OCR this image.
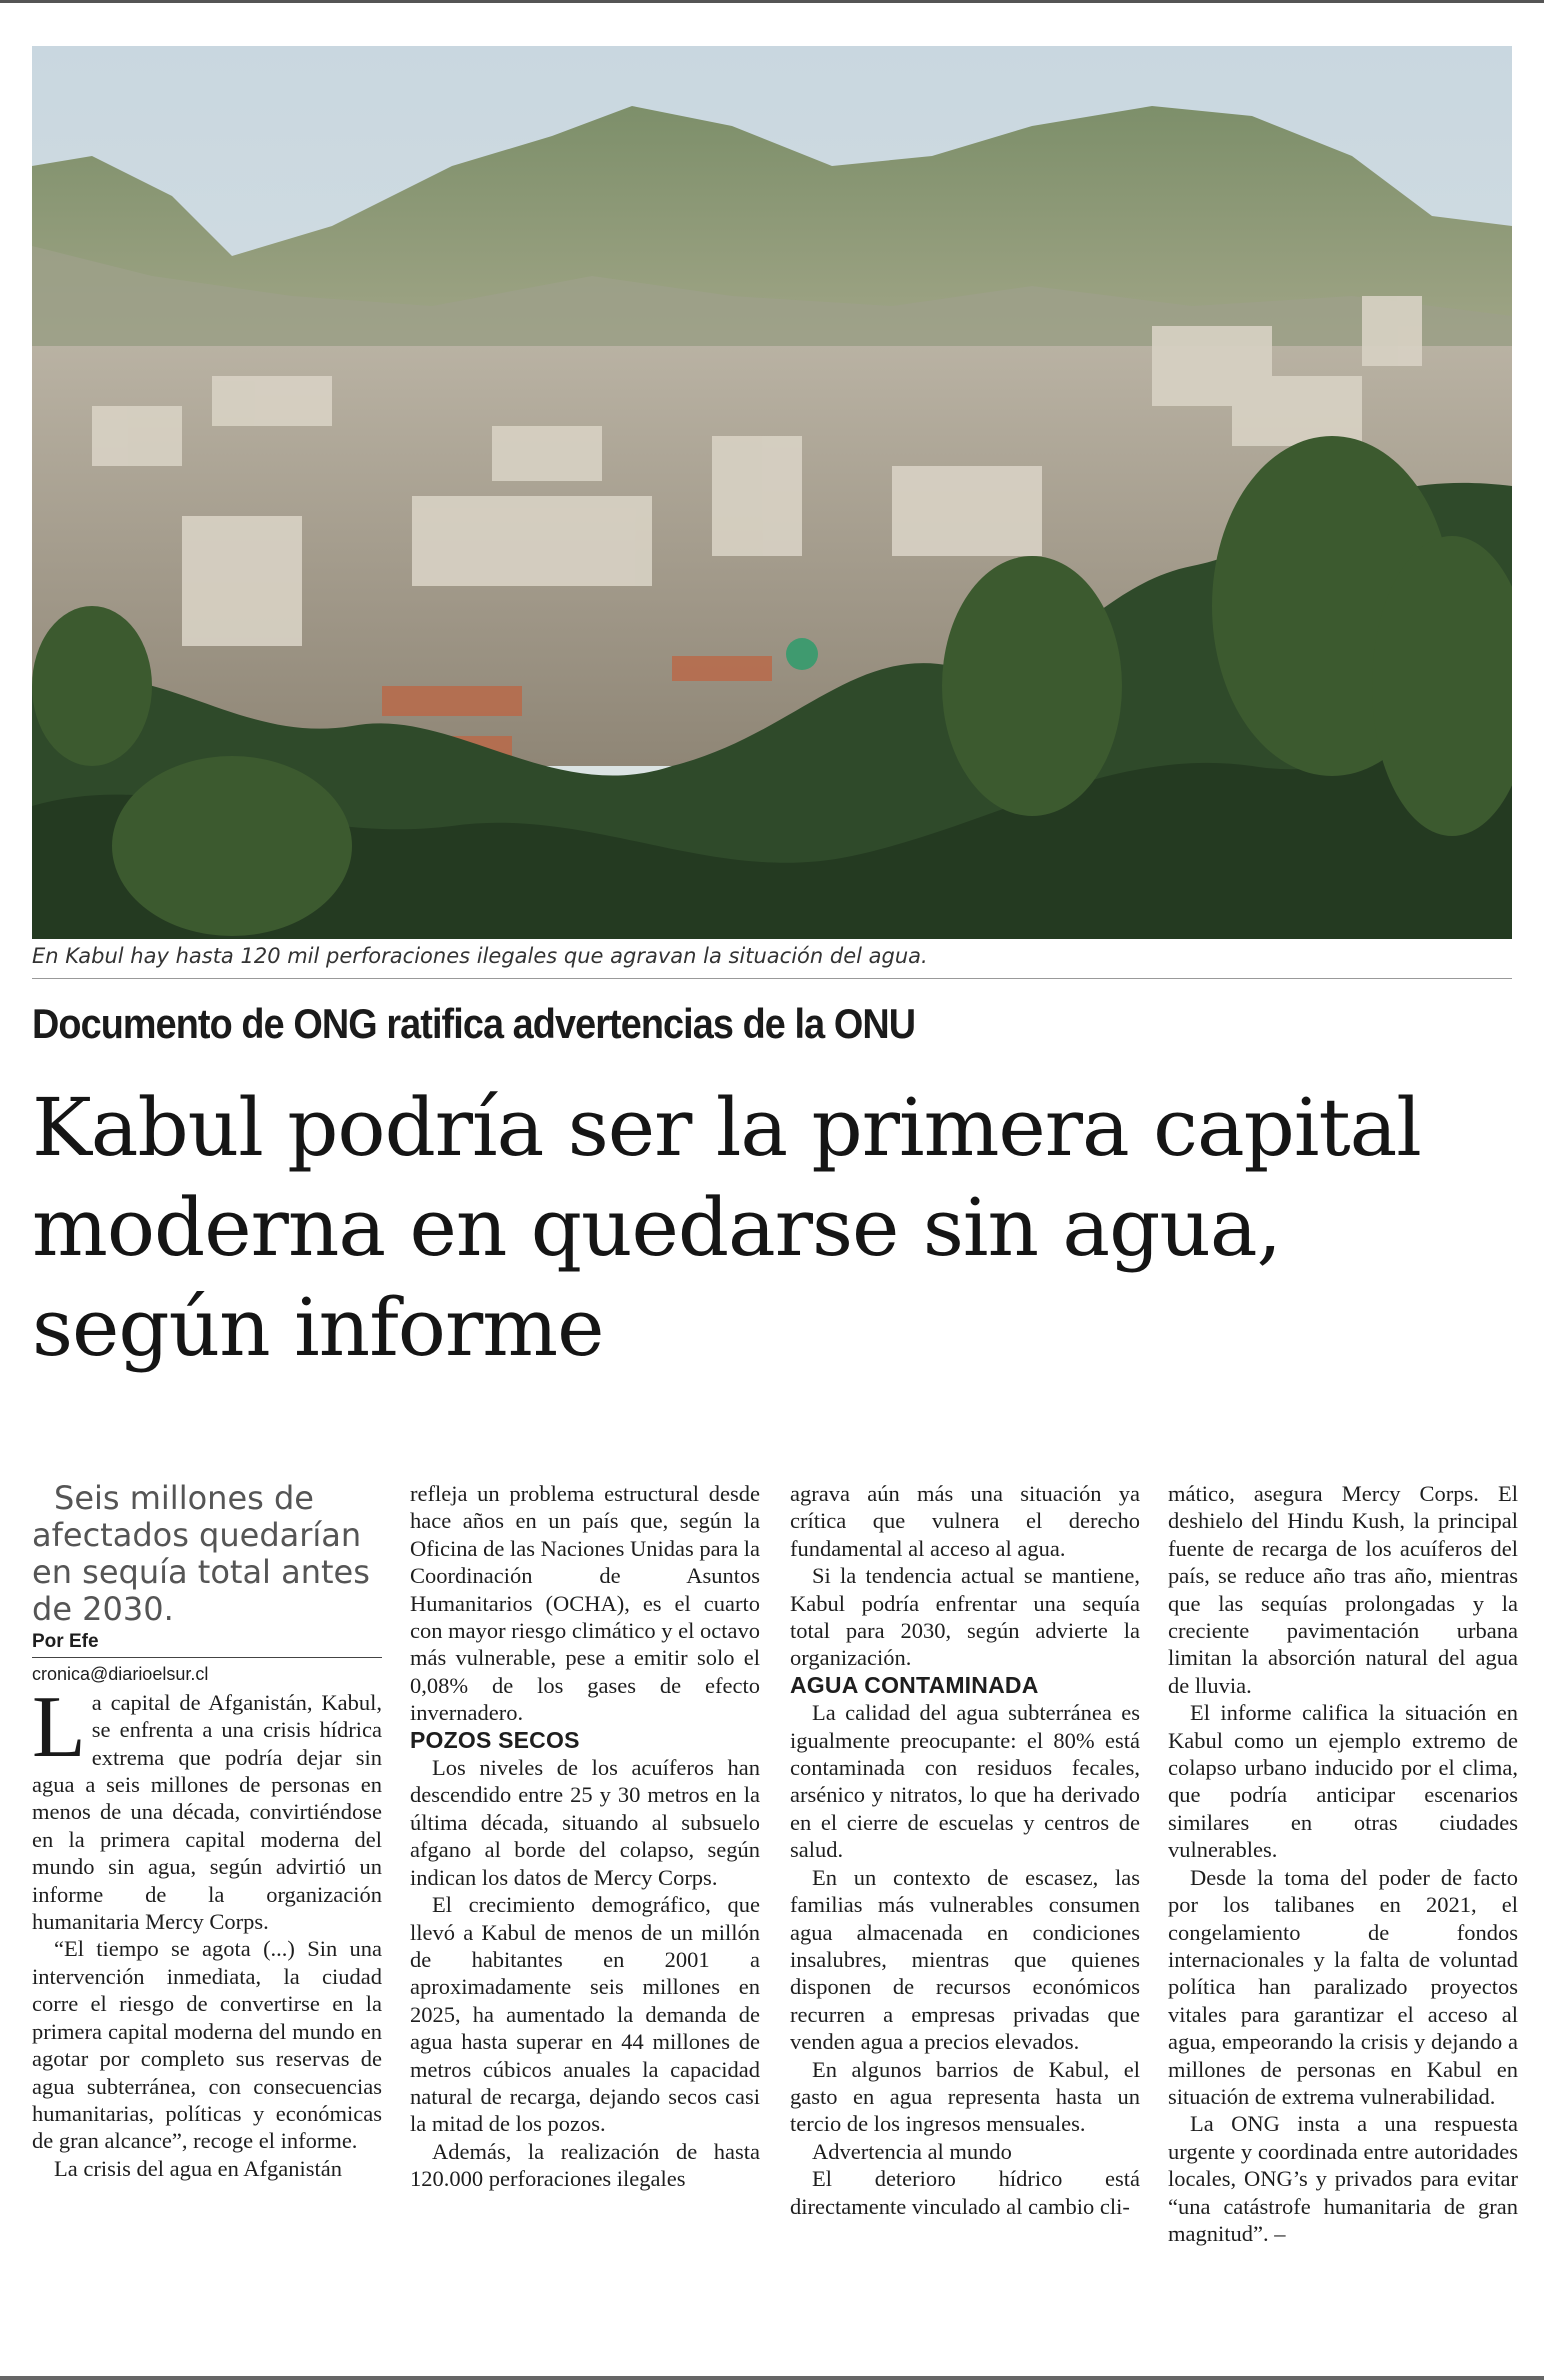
En Kabul hay hasta 120 mil perforaciones ilegales que agravan la situación del agua.
Documento de ONG ratifica advertencias de la ONU
Kabul podría ser la primera capital moderna en quedarse sin agua, según informe

Seis millones de afectados quedarían en sequía total antes de 2030.

Por Efe

cronica@diarioelsur.cl

La capital de Afganistán, Kabul, se enfrenta a una crisis hídrica extrema que podría dejar sin agua a seis millones de personas en menos de una década, convirtiéndose en la primera capital moderna del mundo sin agua, según advirtió un informe de la organización humanitaria Mercy Corps.

“El tiempo se agota (...) Sin una intervención inmediata, la ciudad corre el riesgo de convertirse en la primera capital moderna del mundo en agotar por completo sus reservas de agua subterránea, con consecuencias humanitarias, políticas y económicas de gran alcance”, recoge el informe.

La crisis del agua en Afganistán

refleja un problema estructural desde hace años en un país que, según la Oficina de las Naciones Unidas para la Coordinación de Asuntos Humanitarios (OCHA), es el cuarto con mayor riesgo climático y el octavo más vulnerable, pese a emitir solo el 0,08% de los gases de efecto invernadero.

POZOS SECOS

Los niveles de los acuíferos han descendido entre 25 y 30 metros en la última década, situando al subsuelo afgano al borde del colapso, según indican los datos de Mercy Corps.

El crecimiento demográfico, que llevó a Kabul de menos de un millón de habitantes en 2001 a aproximadamente seis millones en 2025, ha aumentado la demanda de agua hasta superar en 44 millones de metros cúbicos anuales la capacidad natural de recarga, dejando secos casi la mitad de los pozos.

Además, la realización de hasta 120.000 perforaciones ilegales

agrava aún más una situación ya crítica que vulnera el derecho fundamental al acceso al agua.

Si la tendencia actual se mantiene, Kabul podría enfrentar una sequía total para 2030, según advierte la organización.

AGUA CONTAMINADA

La calidad del agua subterránea es igualmente preocupante: el 80% está contaminada con residuos fecales, arsénico y nitratos, lo que ha derivado en el cierre de escuelas y centros de salud.

En un contexto de escasez, las familias más vulnerables consumen agua almacenada en condiciones insalubres, mientras que quienes disponen de recursos económicos recurren a empresas privadas que venden agua a precios elevados.

En algunos barrios de Kabul, el gasto en agua representa hasta un tercio de los ingresos mensuales.

Advertencia al mundo

El deterioro hídrico está directamente vinculado al cambio cli-

mático, asegura Mercy Corps. El deshielo del Hindu Kush, la principal fuente de recarga de los acuíferos del país, se reduce año tras año, mientras que las sequías prolongadas y la creciente pavimentación urbana limitan la absorción natural del agua de lluvia.

El informe califica la situación en Kabul como un ejemplo extremo de colapso urbano inducido por el clima, que podría anticipar escenarios similares en otras ciudades vulnerables.

Desde la toma del poder de facto por los talibanes en 2021, el congelamiento de fondos internacionales y la falta de voluntad política han paralizado proyectos vitales para garantizar el acceso al agua, empeorando la crisis y dejando a millones de personas en Kabul en situación de extrema vulnerabilidad.

La ONG insta a una respuesta urgente y coordinada entre autoridades locales, ONG’s y privados para evitar “una catástrofe humanitaria de gran magnitud”. –
